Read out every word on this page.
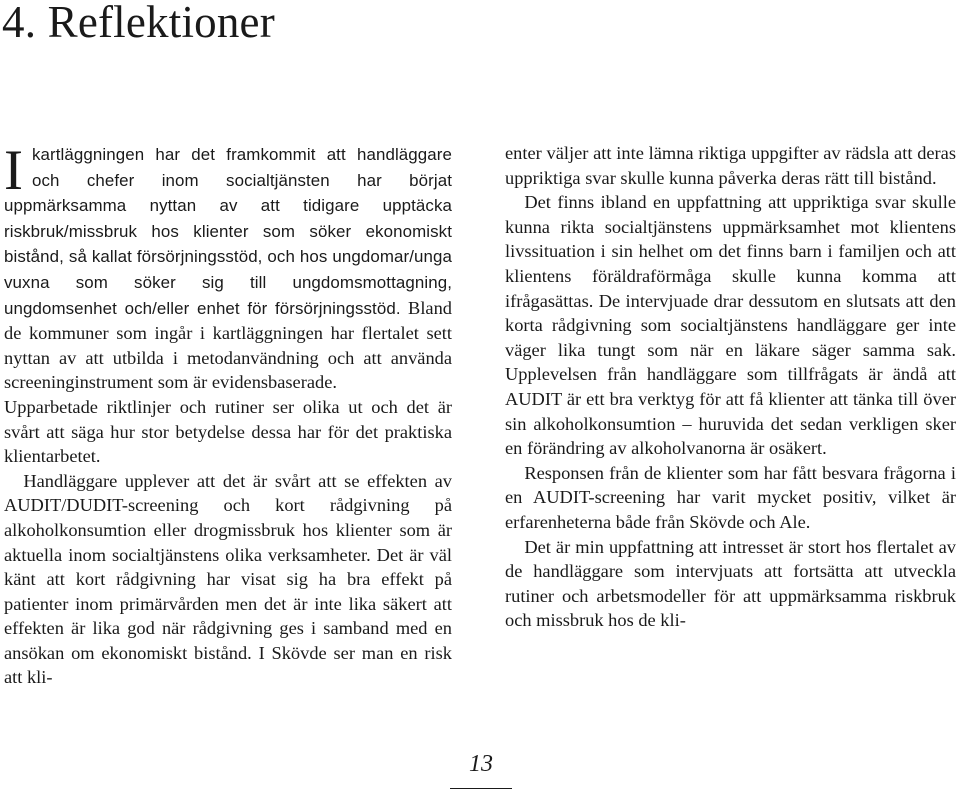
4. Reflektioner

Ikartläggningen har det framkommit att handläggare och chefer inom socialtjänsten har börjat uppmärksamma nyttan av att tidigare upptäcka riskbruk/missbruk hos klienter som söker ekonomiskt bistånd, så kallat försörjningsstöd, och hos ungdomar/unga vuxna som söker sig till ungdomsmottagning, ungdomsenhet och/eller enhet för försörjningsstöd. Bland de kommuner som ingår i kartläggningen har flertalet sett nyttan av att utbilda i metodanvändning och att använda screeninginstrument som är evidensbaserade.

Upparbetade riktlinjer och rutiner ser olika ut och det är svårt att säga hur stor betydelse dessa har för det praktiska klientarbetet.

Handläggare upplever att det är svårt att se effekten av AUDIT/DUDIT-screening och kort rådgivning på alkoholkonsumtion eller drogmissbruk hos klienter som är aktuella inom socialtjänstens olika verksamheter. Det är väl känt att kort rådgivning har visat sig ha bra effekt på patienter inom primärvården men det är inte lika säkert att effekten är lika god när rådgivning ges i samband med en ansökan om ekonomiskt bistånd. I Skövde ser man en risk att kli-

enter väljer att inte lämna riktiga uppgifter av rädsla att deras uppriktiga svar skulle kunna påverka deras rätt till bistånd.

Det finns ibland en uppfattning att uppriktiga svar skulle kunna rikta socialtjänstens uppmärksamhet mot klientens livssituation i sin helhet om det finns barn i familjen och att klientens föräldraförmåga skulle kunna komma att ifrågasättas. De intervjuade drar dessutom en slutsats att den korta rådgivning som socialtjänstens handläggare ger inte väger lika tungt som när en läkare säger samma sak. Upplevelsen från handläggare som tillfrågats är ändå att AUDIT är ett bra verktyg för att få klienter att tänka till över sin alkoholkonsumtion – huruvida det sedan verkligen sker en förändring av alkoholvanorna är osäkert.

Responsen från de klienter som har fått besvara frågorna i en AUDIT-screening har varit mycket positiv, vilket är erfarenheterna både från Skövde och Ale.

Det är min uppfattning att intresset är stort hos flertalet av de handläggare som intervjuats att fortsätta att utveckla rutiner och arbetsmodeller för att uppmärksamma riskbruk och missbruk hos de kli-

13
